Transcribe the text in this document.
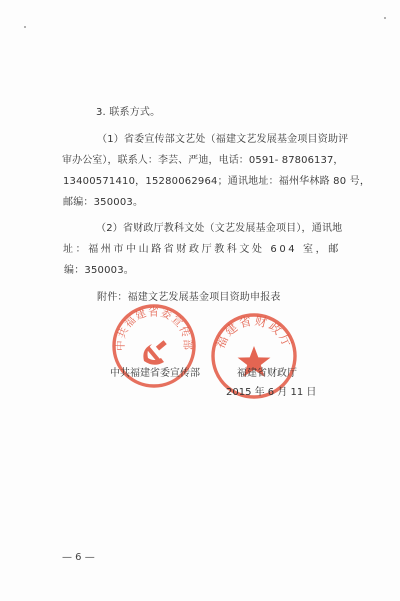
3. 联系方式。
（1）省委宣传部文艺处（福建文艺发展基金项目资助评
审办公室），联系人：李芸、严迪，电话：0591- 87806137，
13400571410，15280062964；通讯地址：福州华林路 80 号，
邮编：350003。
（2）省财政厅教科文处（文艺发展基金项目），通讯地
址：福州市中山路省财政厅教科文处 604 室，邮
编：350003。
附件：福建文艺发展基金项目资助申报表
中共福建省委宣传部 福建省财政厅
中共福建省委宣传部	福建省财政厅
2015 年 6 月 11 日
— 6 —
